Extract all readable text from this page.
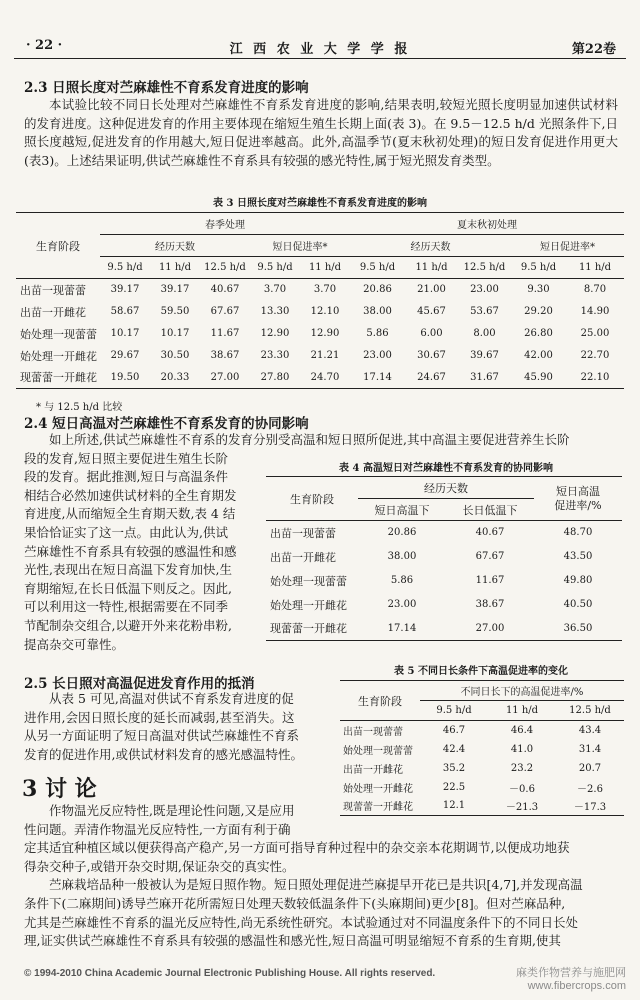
· 22 ·	江 西 农 业 大 学 学 报	第22卷
2.3 日照长度对苎麻雄性不育系发育进度的影响

本试验比较不同日长处理对苎麻雄性不育系发育进度的影响,结果表明,较短光照长度明显加速供试材料的发育进度。这种促进发育的作用主要体现在缩短生殖生长期上面(表 3)。在 9.5－12.5 h/d 光照条件下,日照长度越短,促进发育的作用越大,短日促进率越高。此外,高温季节(夏末秋初处理)的短日发育促进作用更大(表3)。上述结果证明,供试苎麻雄性不育系具有较强的感光特性,属于短光照发育类型。

表 3 日照长度对苎麻雄性不育系发育进度的影响
生育阶段	春季处理					夏末秋初处理				
	经历天数			短日促进率*		经历天数			短日促进率*	
	9.5 h/d	11 h/d	12.5 h/d	9.5 h/d	11 h/d	9.5 h/d	11 h/d	12.5 h/d	9.5 h/d	11 h/d
出苗一现蕾蕾	39.17	39.17	40.67	3.70	3.70	20.86	21.00	23.00	9.30	8.70
出苗一开雌花	58.67	59.50	67.67	13.30	12.10	38.00	45.67	53.67	29.20	14.90
始处理一现蕾蕾	10.17	10.17	11.67	12.90	12.90	5.86	6.00	8.00	26.80	25.00
始处理一开雌花	29.67	30.50	38.67	23.30	21.21	23.00	30.67	39.67	42.00	22.70
现蕾蕾一开雌花	19.50	20.33	27.00	27.80	24.70	17.14	24.67	31.67	45.90	22.10
* 与 12.5 h/d 比较
2.4 短日高温对苎麻雄性不育系发育的协同影响
如上所述,供试苎麻雄性不育系的发育分别受高温和短日照所促进,其中高温主要促进营养生长阶
段的发育,短日照主要促进生殖生长阶
段的发育。据此推测,短日与高温条件
相结合必然加速供试材料的全生育期发
育进度,从而缩短全生育期天数,表 4 结
果恰恰证实了这一点。由此认为,供试
苎麻雄性不育系具有较强的感温性和感
光性,表现出在短日高温下发育加快,生
育期缩短,在长日低温下则反之。因此,
可以利用这一特性,根据需要在不同季
节配制杂交组合,以避开外来花粉串粉,
提高杂交可靠性。
表 4 高温短日对苎麻雄性不育系发育的协同影响
生育阶段	经历天数		短日高温
促进率/%

	短日高温下	长日低温下	
出苗一现蕾蕾	20.86	40.67	48.70
出苗一开雌花	38.00	67.67	43.50
始处理一现蕾蕾	5.86	11.67	49.80
始处理一开雌花	23.00	38.67	40.50
现蕾蕾一开雌花	17.14	27.00	36.50
2.5 长日照对高温促进发育作用的抵消
从表 5 可见,高温对供试不育系发育进度的促
进作用,会因日照长度的延长而减弱,甚至消失。这
从另一方面证明了短日高温对供试苎麻雄性不育系
发育的促进作用,或供试材料发育的感光感温特性。
表 5 不同日长条件下高温促进率的变化
生育阶段	不同日长下的高温促进率/%		
	9.5 h/d	11 h/d	12.5 h/d
出苗一现蕾蕾	46.7	46.4	43.4
始处理一现蕾蕾	42.4	41.0	31.4
出苗一开雌花	35.2	23.2	20.7
始处理一开雌花	22.5	－0.6	－2.6
现蕾蕾一开雌花	12.1	－21.3	－17.3
3 讨 论
作物温光反应特性,既是理论性问题,又是应用
性问题。弄清作物温光反应特性,一方面有利于确
定其适宜种植区域以便获得高产稳产,另一方面可指导育种过程中的杂交亲本花期调节,以便成功地获
得杂交种子,或错开杂交时期,保证杂交的真实性。
苎麻栽培品种一般被认为是短日照作物。短日照处理促进苎麻提早开花已是共识[4,7],并发现高温
条件下(二麻期间)诱导苎麻开花所需短日处理天数较低温条件下(头麻期间)更少[8]。但对苎麻品种,
尤其是苎麻雄性不育系的温光反应特性,尚无系统性研究。本试验通过对不同温度条件下的不同日长处
理,证实供试苎麻雄性不育系具有较强的感温性和感光性,短日高温可明显缩短不育系的生育期,使其
© 1994-2010 China Academic Journal Electronic Publishing House. All rights reserved.	麻类作物营养与施肥网
www.fibercrops.com
